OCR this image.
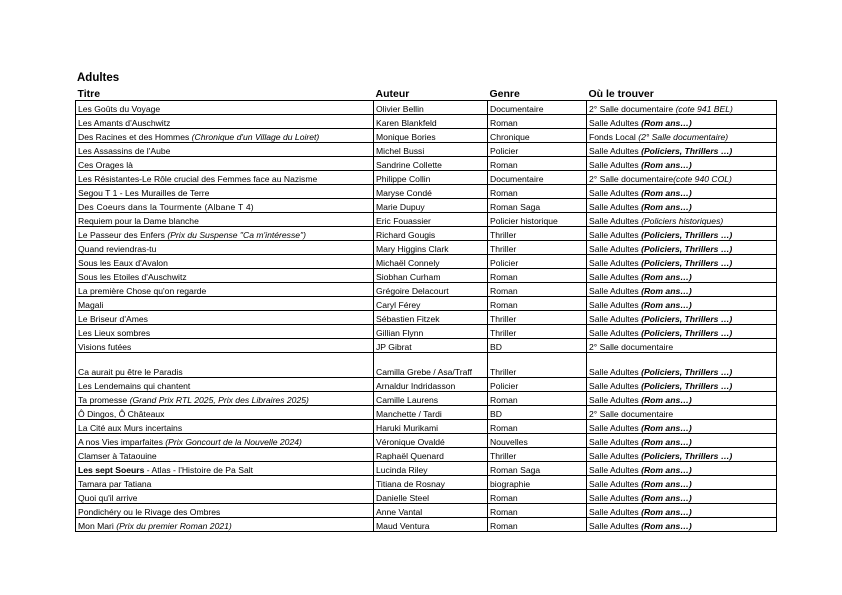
Adultes
Titre	Auteur	Genre	Où le trouver
Les Goûts du Voyage	Olivier Bellin	Documentaire	2° Salle documentaire (cote 941 BEL)
Les Amants d'Auschwitz	Karen Blankfeld	Roman	Salle Adultes (Rom ans…)
Des Racines et des Hommes (Chronique d'un Village du Loiret)	Monique Bories	Chronique	Fonds Local (2° Salle documentaire)
Les Assassins de l'Aube	Michel Bussi	Policier	Salle Adultes (Policiers, Thrillers …)
Ces Orages là	Sandrine Collette	Roman	Salle Adultes (Rom ans…)
Les Résistantes-Le Rôle crucial des Femmes face au Nazisme	Philippe Collin	Documentaire	2° Salle documentaire(cote 940 COL)
Segou T 1 - Les Murailles de Terre	Maryse Condé	Roman	Salle Adultes (Rom ans…)
Des Coeurs dans la Tourmente (Albane T 4)	Marie Dupuy	Roman Saga	Salle Adultes (Rom ans…)
Requiem pour la Dame blanche	Eric Fouassier	Policier historique	Salle Adultes (Policiers historiques)
Le Passeur des Enfers (Prix du Suspense "Ca m'intéresse")	Richard Gougis	Thriller	Salle Adultes (Policiers, Thrillers …)
Quand reviendras-tu	Mary Higgins Clark	Thriller	Salle Adultes (Policiers, Thrillers …)
Sous les Eaux d'Avalon	Michaël Connely	Policier	Salle Adultes (Policiers, Thrillers …)
Sous les Etoiles d'Auschwitz	Siobhan Curham	Roman	Salle Adultes (Rom ans…)
La première Chose qu'on regarde	Grégoire Delacourt	Roman	Salle Adultes (Rom ans…)
Magali	Caryl Férey	Roman	Salle Adultes (Rom ans…)
Le Briseur d'Ames	Sébastien Fitzek	Thriller	Salle Adultes (Policiers, Thrillers …)
Les Lieux sombres	Gillian Flynn	Thriller	Salle Adultes (Policiers, Thrillers …)
Visions futées	JP Gibrat	BD	2° Salle documentaire
Ca aurait pu être le Paradis	Camilla Grebe / Asa/Traff	Thriller	Salle Adultes (Policiers, Thrillers …)
Les Lendemains qui chantent	Arnaldur Indridasson	Policier	Salle Adultes (Policiers, Thrillers …)
Ta promesse (Grand Prix RTL 2025, Prix des Libraires 2025)	Camille Laurens	Roman	Salle Adultes (Rom ans…)
Ô Dingos, Ô Châteaux	Manchette / Tardi	BD	2° Salle documentaire
La Cité aux Murs incertains	Haruki Murikami	Roman	Salle Adultes (Rom ans…)
A nos Vies imparfaites (Prix Goncourt de la Nouvelle 2024)	Véronique Ovaldé	Nouvelles	Salle Adultes (Rom ans…)
Clamser à Tataouine	Raphaël Quenard	Thriller	Salle Adultes (Policiers, Thrillers …)
Les sept Soeurs - Atlas - l'Histoire de Pa Salt	Lucinda Riley	Roman Saga	Salle Adultes (Rom ans…)
Tamara par Tatiana	Titiana de Rosnay	biographie	Salle Adultes (Rom ans…)
Quoi qu'il arrive	Danielle Steel	Roman	Salle Adultes (Rom ans…)
Pondichéry ou le Rivage des Ombres	Anne Vantal	Roman	Salle Adultes (Rom ans…)
Mon Mari (Prix du premier Roman 2021)	Maud Ventura	Roman	Salle Adultes (Rom ans…)
